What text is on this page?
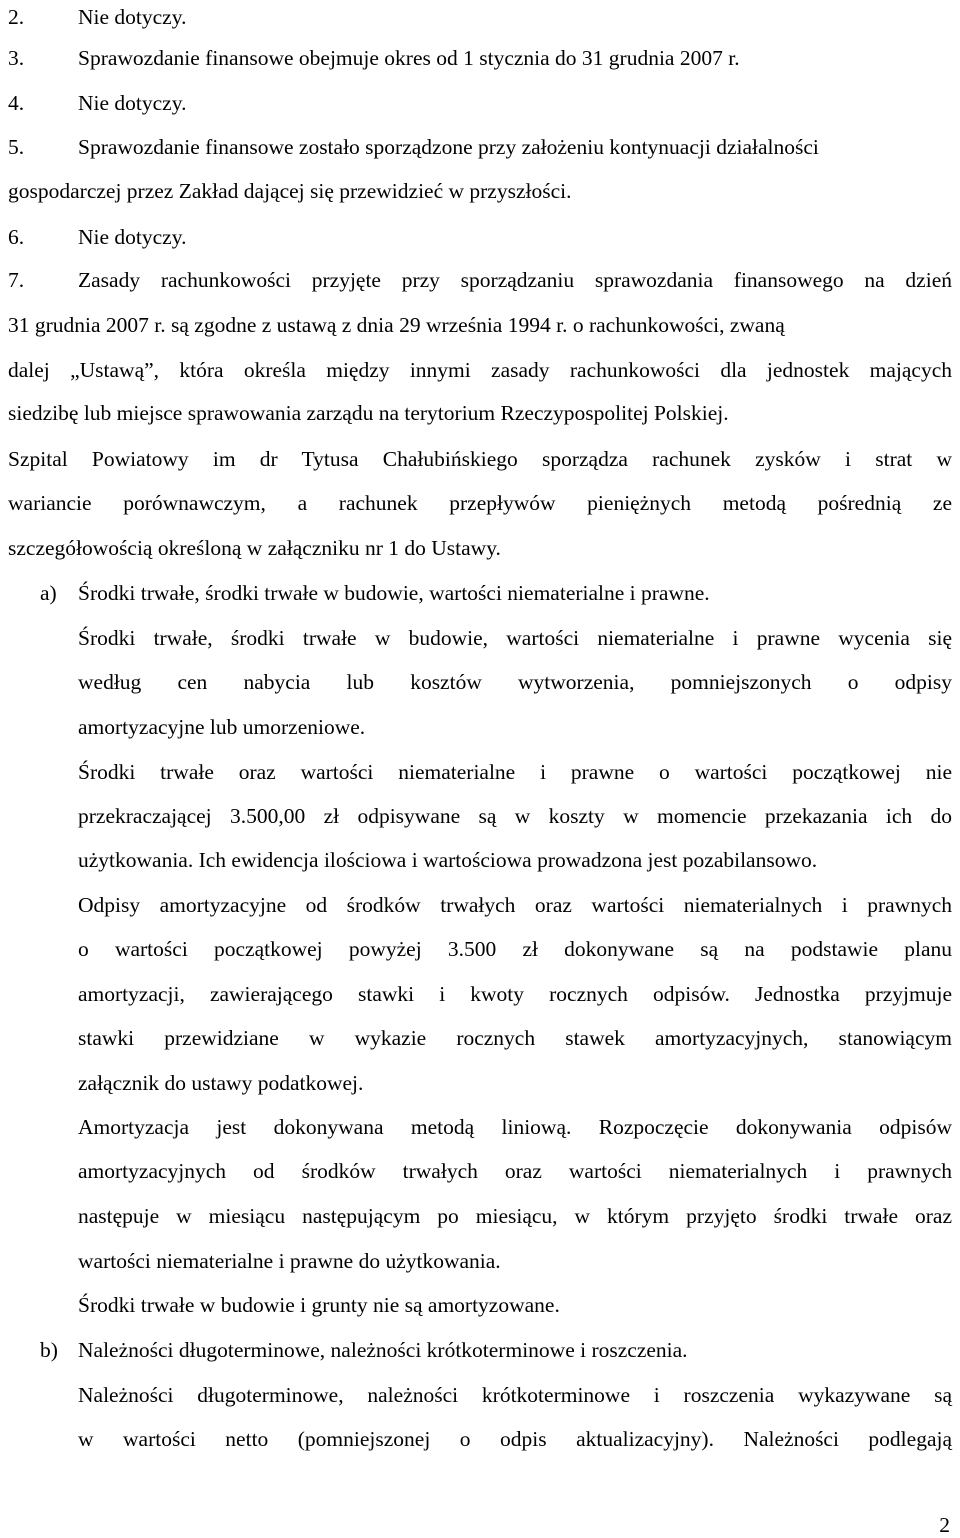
2.	Nie dotyczy.
3.	Sprawozdanie finansowe obejmuje okres od 1 stycznia do 31 grudnia 2007 r.
4.	Nie dotyczy.
5.	Sprawozdanie finansowe zostało sporządzone przy założeniu kontynuacji działalności
gospodarczej przez Zakład dającej się przewidzieć w przyszłości.
6.	Nie dotyczy.
7.	Zasady rachunkowości przyjęte przy sporządzaniu sprawozdania finansowego na dzień
31 grudnia 2007 r. są zgodne z ustawą z dnia 29 września 1994 r. o rachunkowości, zwaną
dalej „Ustawą”, która określa między innymi zasady rachunkowości dla jednostek mających
siedzibę lub miejsce sprawowania zarządu na terytorium Rzeczypospolitej Polskiej.
Szpital Powiatowy im dr Tytusa Chałubińskiego sporządza rachunek zysków i strat w
wariancie porównawczym, a rachunek przepływów pieniężnych metodą pośrednią ze
szczegółowością określoną w załączniku nr 1 do Ustawy.
a) Środki trwałe, środki trwałe w budowie, wartości niematerialne i prawne.
Środki trwałe, środki trwałe w budowie, wartości niematerialne i prawne wycenia się
według cen nabycia lub kosztów wytworzenia, pomniejszonych o odpisy
amortyzacyjne lub umorzeniowe.
Środki trwałe oraz wartości niematerialne i prawne o wartości początkowej nie
przekraczającej 3.500,00 zł odpisywane są w koszty w momencie przekazania ich do
użytkowania. Ich ewidencja ilościowa i wartościowa prowadzona jest pozabilansowo.
Odpisy amortyzacyjne od środków trwałych oraz wartości niematerialnych i prawnych
o wartości początkowej powyżej 3.500 zł dokonywane są na podstawie planu
amortyzacji, zawierającego stawki i kwoty rocznych odpisów. Jednostka przyjmuje
stawki przewidziane w wykazie rocznych stawek amortyzacyjnych, stanowiącym
załącznik do ustawy podatkowej.
Amortyzacja jest dokonywana metodą liniową. Rozpoczęcie dokonywania odpisów
amortyzacyjnych od środków trwałych oraz wartości niematerialnych i prawnych
następuje w miesiącu następującym po miesiącu, w którym przyjęto środki trwałe oraz
wartości niematerialne i prawne do użytkowania.
Środki trwałe w budowie i grunty nie są amortyzowane.
b) Należności długoterminowe, należności krótkoterminowe i roszczenia.
Należności długoterminowe, należności krótkoterminowe i roszczenia wykazywane są
w wartości netto (pomniejszonej o odpis aktualizacyjny). Należności podlegają
2
